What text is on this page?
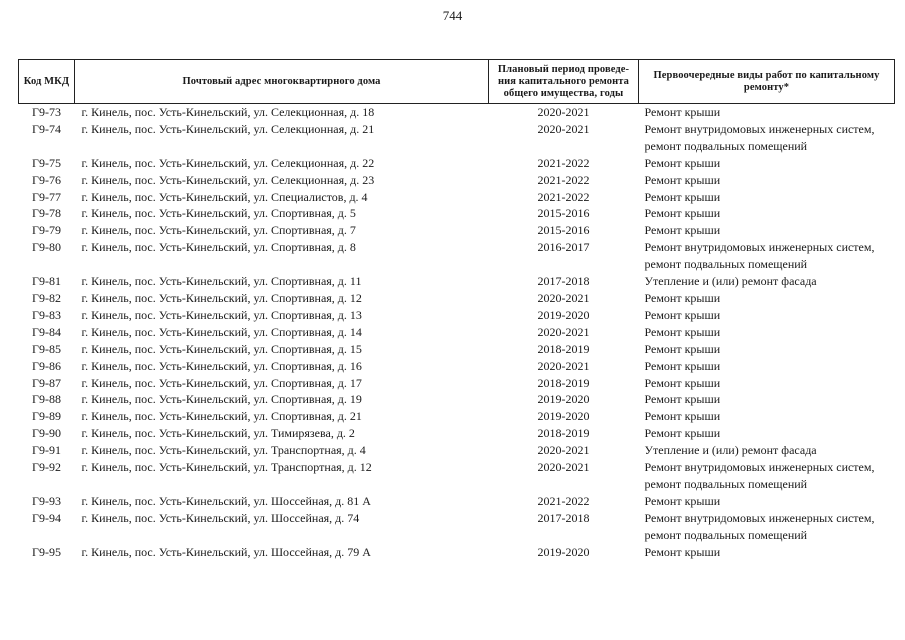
744
Код МКД	Почтовый адрес многоквартирного дома	Плановый период проведе-ния капитального ремонта общего имущества, годы	Первоочередные виды работ по капитальному ремонту*
Г9-73	г. Кинель, пос. Усть-Кинельский, ул. Селекционная, д. 18	2020-2021	Ремонт крыши

Г9-74	г. Кинель, пос. Усть-Кинельский, ул. Селекционная, д. 21	2020-2021	Ремонт внутридомовых инженерных систем,
ремонт подвальных помещений

Г9-75	г. Кинель, пос. Усть-Кинельский, ул. Селекционная, д. 22	2021-2022	Ремонт крыши

Г9-76	г. Кинель, пос. Усть-Кинельский, ул. Селекционная, д. 23	2021-2022	Ремонт крыши

Г9-77	г. Кинель, пос. Усть-Кинельский, ул. Специалистов, д. 4	2021-2022	Ремонт крыши

Г9-78	г. Кинель, пос. Усть-Кинельский, ул. Спортивная, д. 5	2015-2016	Ремонт крыши

Г9-79	г. Кинель, пос. Усть-Кинельский, ул. Спортивная, д. 7	2015-2016	Ремонт крыши

Г9-80	г. Кинель, пос. Усть-Кинельский, ул. Спортивная, д. 8	2016-2017	Ремонт внутридомовых инженерных систем,
ремонт подвальных помещений

Г9-81	г. Кинель, пос. Усть-Кинельский, ул. Спортивная, д. 11	2017-2018	Утепление и (или) ремонт фасада

Г9-82	г. Кинель, пос. Усть-Кинельский, ул. Спортивная, д. 12	2020-2021	Ремонт крыши

Г9-83	г. Кинель, пос. Усть-Кинельский, ул. Спортивная, д. 13	2019-2020	Ремонт крыши

Г9-84	г. Кинель, пос. Усть-Кинельский, ул. Спортивная, д. 14	2020-2021	Ремонт крыши

Г9-85	г. Кинель, пос. Усть-Кинельский, ул. Спортивная, д. 15	2018-2019	Ремонт крыши

Г9-86	г. Кинель, пос. Усть-Кинельский, ул. Спортивная, д. 16	2020-2021	Ремонт крыши

Г9-87	г. Кинель, пос. Усть-Кинельский, ул. Спортивная, д. 17	2018-2019	Ремонт крыши

Г9-88	г. Кинель, пос. Усть-Кинельский, ул. Спортивная, д. 19	2019-2020	Ремонт крыши

Г9-89	г. Кинель, пос. Усть-Кинельский, ул. Спортивная, д. 21	2019-2020	Ремонт крыши

Г9-90	г. Кинель, пос. Усть-Кинельский, ул. Тимирязева, д. 2	2018-2019	Ремонт крыши

Г9-91	г. Кинель, пос. Усть-Кинельский, ул. Транспортная, д. 4	2020-2021	Утепление и (или) ремонт фасада

Г9-92	г. Кинель, пос. Усть-Кинельский, ул. Транспортная, д. 12	2020-2021	Ремонт внутридомовых инженерных систем,
ремонт подвальных помещений

Г9-93	г. Кинель, пос. Усть-Кинельский, ул. Шоссейная, д. 81 А	2021-2022	Ремонт крыши

Г9-94	г. Кинель, пос. Усть-Кинельский, ул. Шоссейная, д. 74	2017-2018	Ремонт внутридомовых инженерных систем,
ремонт подвальных помещений

Г9-95	г. Кинель, пос. Усть-Кинельский, ул. Шоссейная, д. 79 А	2019-2020	Ремонт крыши
